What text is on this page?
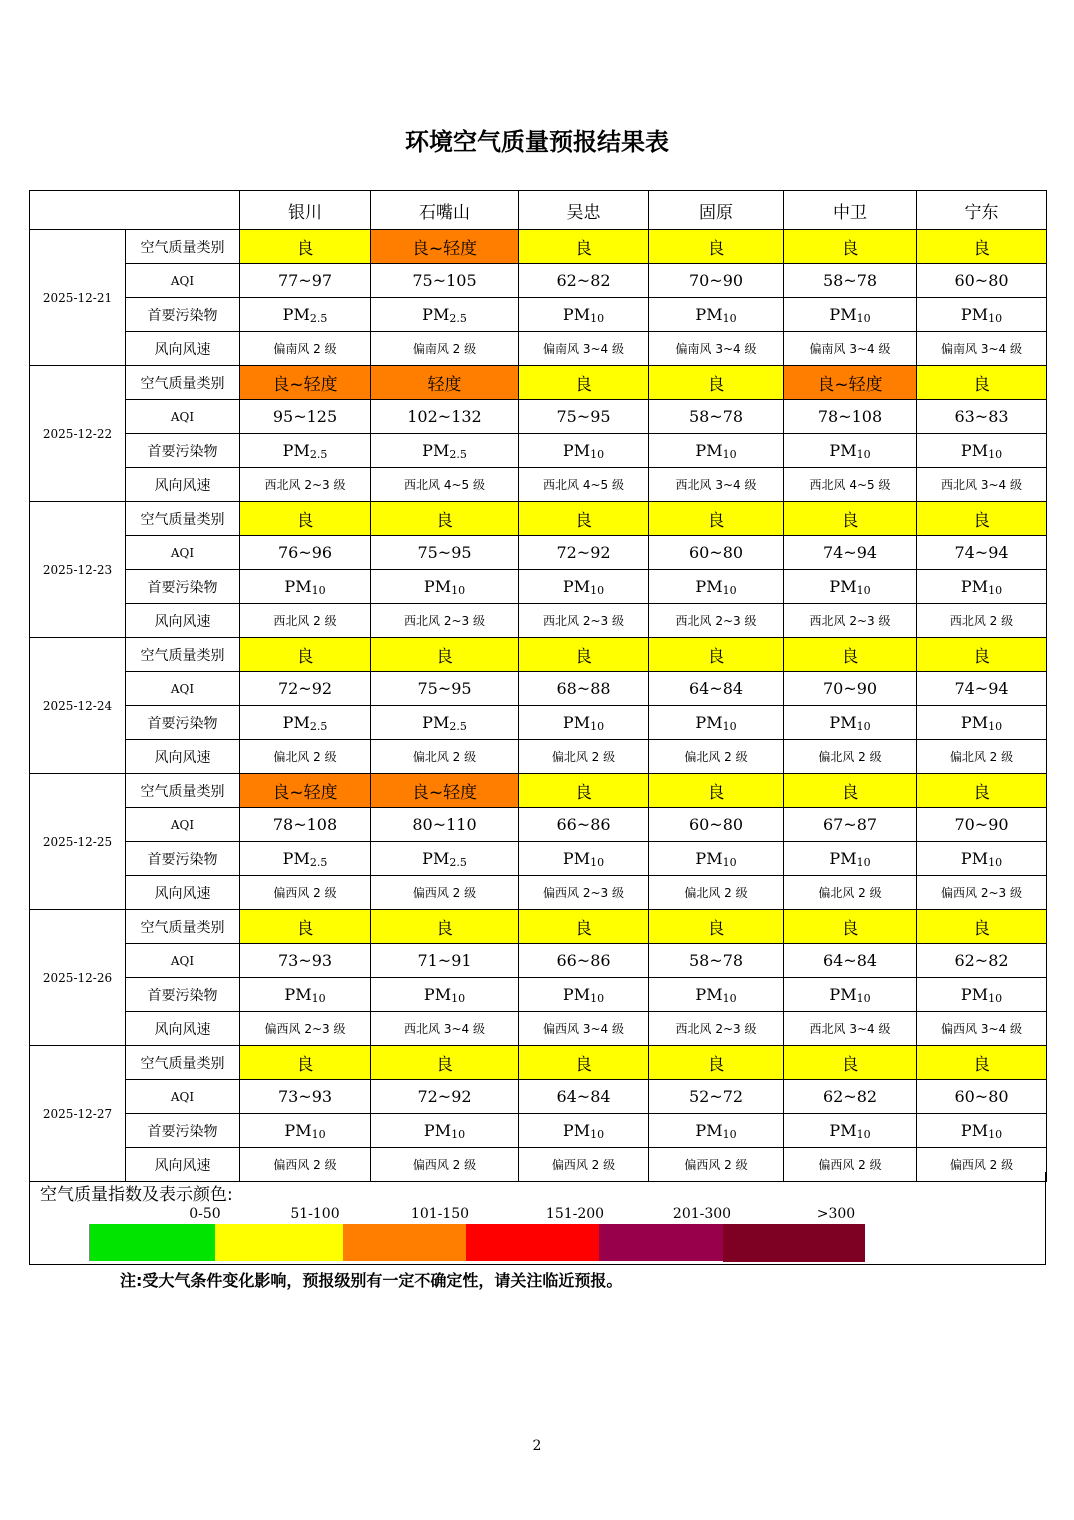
环境空气质量预报结果表
		银川	石嘴山	吴忠	固原	中卫	宁东
2025-12-21	空气质量类别	良	良~轻度	良	良	良	良
	AQI	77~97	75~105	62~82	70~90	58~78	60~80
	首要污染物	$PM_{2.5}$	$PM_{2.5}$	$PM_{10}$	$PM_{10}$	$PM_{10}$	$PM_{10}$
	风向风速	偏南风 2 级	偏南风 2 级	偏南风 3~4 级	偏南风 3~4 级	偏南风 3~4 级	偏南风 3~4 级
2025-12-22	空气质量类别	良~轻度	轻度	良	良	良~轻度	良
	AQI	95~125	102~132	75~95	58~78	78~108	63~83
	首要污染物	$PM_{2.5}$	$PM_{2.5}$	$PM_{10}$	$PM_{10}$	$PM_{10}$	$PM_{10}$
	风向风速	西北风 2~3 级	西北风 4~5 级	西北风 4~5 级	西北风 3~4 级	西北风 4~5 级	西北风 3~4 级
2025-12-23	空气质量类别	良	良	良	良	良	良
	AQI	76~96	75~95	72~92	60~80	74~94	74~94
	首要污染物	$PM_{10}$	$PM_{10}$	$PM_{10}$	$PM_{10}$	$PM_{10}$	$PM_{10}$
	风向风速	西北风 2 级	西北风 2~3 级	西北风 2~3 级	西北风 2~3 级	西北风 2~3 级	西北风 2 级
2025-12-24	空气质量类别	良	良	良	良	良	良
	AQI	72~92	75~95	68~88	64~84	70~90	74~94
	首要污染物	$PM_{2.5}$	$PM_{2.5}$	$PM_{10}$	$PM_{10}$	$PM_{10}$	$PM_{10}$
	风向风速	偏北风 2 级	偏北风 2 级	偏北风 2 级	偏北风 2 级	偏北风 2 级	偏北风 2 级
2025-12-25	空气质量类别	良~轻度	良~轻度	良	良	良	良
	AQI	78~108	80~110	66~86	60~80	67~87	70~90
	首要污染物	$PM_{2.5}$	$PM_{2.5}$	$PM_{10}$	$PM_{10}$	$PM_{10}$	$PM_{10}$
	风向风速	偏西风 2 级	偏西风 2 级	偏西风 2~3 级	偏北风 2 级	偏北风 2 级	偏西风 2~3 级
2025-12-26	空气质量类别	良	良	良	良	良	良
	AQI	73~93	71~91	66~86	58~78	64~84	62~82
	首要污染物	$PM_{10}$	$PM_{10}$	$PM_{10}$	$PM_{10}$	$PM_{10}$	$PM_{10}$
	风向风速	偏西风 2~3 级	西北风 3~4 级	偏西风 3~4 级	西北风 2~3 级	西北风 3~4 级	偏西风 3~4 级
2025-12-27	空气质量类别	良	良	良	良	良	良
	AQI	73~93	72~92	64~84	52~72	62~82	60~80
	首要污染物	$PM_{10}$	$PM_{10}$	$PM_{10}$	$PM_{10}$	$PM_{10}$	$PM_{10}$
	风向风速	偏西风 2 级	偏西风 2 级	偏西风 2 级	偏西风 2 级	偏西风 2 级	偏西风 2 级
空气质量指数及表示颜色:
0-50	51-100	101-150	151-200	201-300	>300
注:受大气条件变化影响，预报级别有一定不确定性，请关注临近预报。
2
